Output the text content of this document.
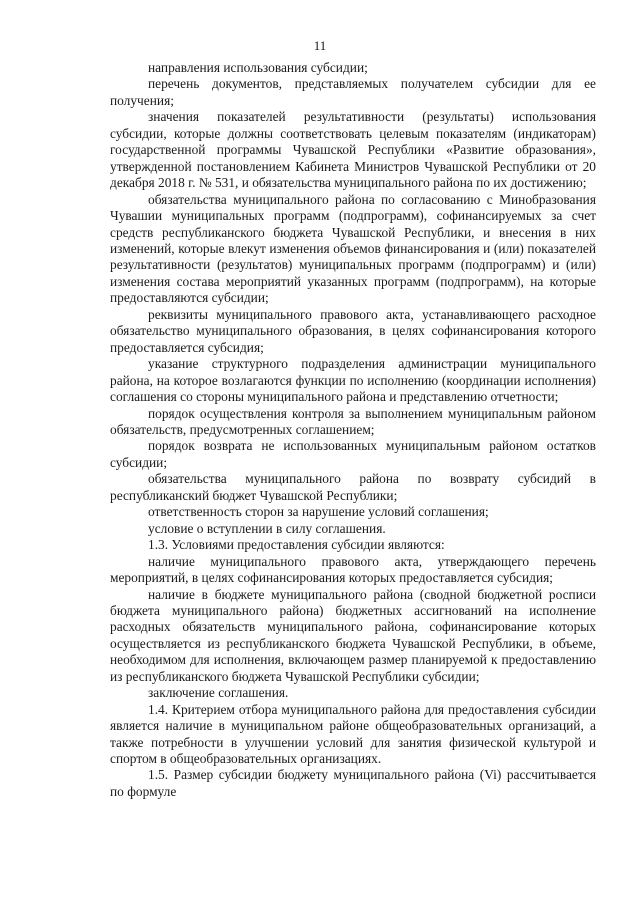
11

направления использования субсидии;

перечень документов, представляемых получателем субсидии для ее получения;

значения показателей результативности (результаты) использования субсидии, которые должны соответствовать целевым показателям (индикаторам) государственной программы Чувашской Республики «Развитие образования», утвержденной постановлением Кабинета Министров Чувашской Республики от 20 декабря 2018 г. № 531, и обязательства муниципального района по их достижению;

обязательства муниципального района по согласованию с Минобразования Чувашии муниципальных программ (подпрограмм), софинансируемых за счет средств республиканского бюджета Чувашской Республики, и внесения в них изменений, которые влекут изменения объемов финансирования и (или) показателей результативности (результатов) муниципальных программ (подпрограмм) и (или) изменения состава мероприятий указанных программ (подпрограмм), на которые предоставляются субсидии;

реквизиты муниципального правового акта, устанавливающего расходное обязательство муниципального образования, в целях софинансирования которого предоставляется субсидия;

указание структурного подразделения администрации муниципального района, на которое возлагаются функции по исполнению (координации исполнения) соглашения со стороны муниципального района и представлению отчетности;

порядок осуществления контроля за выполнением муниципальным районом обязательств, предусмотренных соглашением;

порядок возврата не использованных муниципальным районом остатков субсидии;

обязательства муниципального района по возврату субсидий в республиканский бюджет Чувашской Республики;

ответственность сторон за нарушение условий соглашения;

условие о вступлении в силу соглашения.

1.3. Условиями предоставления субсидии являются:

наличие муниципального правового акта, утверждающего перечень мероприятий, в целях софинансирования которых предоставляется субсидия;

наличие в бюджете муниципального района (сводной бюджетной росписи бюджета муниципального района) бюджетных ассигнований на исполнение расходных обязательств муниципального района, софинансирование которых осуществляется из республиканского бюджета Чувашской Республики, в объеме, необходимом для исполнения, включающем размер планируемой к предоставлению из республиканского бюджета Чувашской Республики субсидии;

заключение соглашения.

1.4. Критерием отбора муниципального района для предоставления субсидии является наличие в муниципальном районе общеобразовательных организаций, а также потребности в улучшении условий для занятия физической культурой и спортом в общеобразовательных организациях.

1.5. Размер субсидии бюджету муниципального района (Vi) рассчитывается по формуле
